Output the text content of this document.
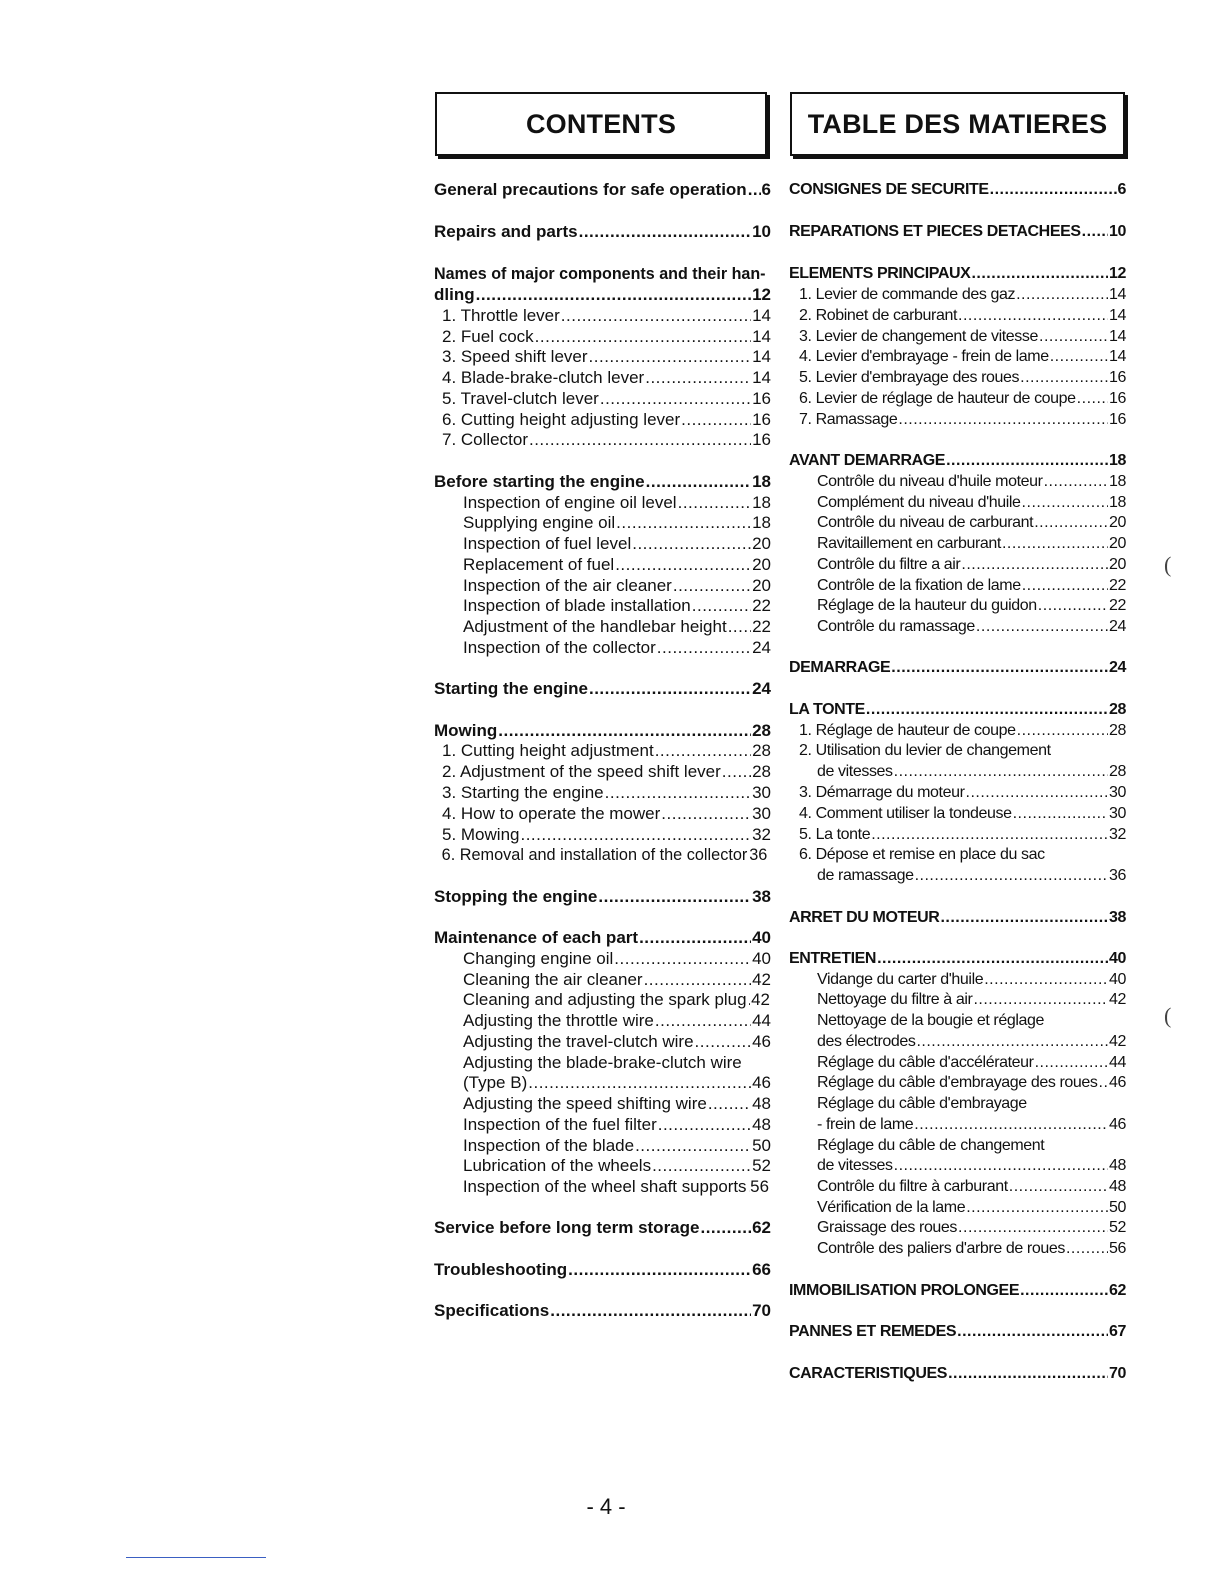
CONTENTS	TABLE DES MATIERES
General precautions for safe operation ..... 6
Repairs and parts .....	10
Names of major components and their han-
dling .....	12
1. Throttle lever .....	14
2. Fuel cock .....	14
3. Speed shift lever .....	14
4. Blade-brake-clutch lever .....	14
5. Travel-clutch lever .....	16
6. Cutting height adjusting lever .....	16
7. Collector .....	16
Before starting the engine .....	18
Inspection of engine oil level .....	18
Supplying engine oil .....	18
Inspection of fuel level .....	20
Replacement of fuel .....	20
Inspection of the air cleaner .....	20
Inspection of blade installation .....	22
Adjustment of the handlebar height ..... 22
Inspection of the collector .....	24
Starting the engine .....	24
Mowing .....	28
1. Cutting height adjustment .....	28
2. Adjustment of the speed shift lever ..... 28
3. Starting the engine .....	30
4. How to operate the mower .....	30
5. Mowing .....	32
6. Removal and installation of the collector 36
Stopping the engine .....	38
Maintenance of each part .....	40
Changing engine oil .....	40
Cleaning the air cleaner .....	42
Cleaning and adjusting the spark plug ..... 42
Adjusting the throttle wire .....	44
Adjusting the travel-clutch wire .....	46
Adjusting the blade-brake-clutch wire
(Type B) .....	46
Adjusting the speed shifting wire .....	48
Inspection of the fuel filter .....	48
Inspection of the blade .....	50
Lubrication of the wheels .....	52
Inspection of the wheel shaft supports ..... 56
Service before long term storage .....	62
Troubleshooting .....	66
Specifications .....	70
CONSIGNES DE SECURITE .....	6
REPARATIONS ET PIECES DETACHEES ..... 10
ELEMENTS PRINCIPAUX .....	12
1. Levier de commande des gaz .....	14
2. Robinet de carburant .....	14
3. Levier de changement de vitesse .....	14
4. Levier d'embrayage - frein de lame .....	14
5. Levier d'embrayage des roues .....	16
6. Levier de réglage de hauteur de coupe ..... 16
7. Ramassage .....	16
AVANT DEMARRAGE .....	18
Contrôle du niveau d'huile moteur .....	18
Complément du niveau d'huile .....	18
Contrôle du niveau de carburant .....	20
Ravitaillement en carburant .....	20
Contrôle du filtre a air .....	20
Contrôle de la fixation de lame .....	22
Réglage de la hauteur du guidon .....	22
Contrôle du ramassage .....	24
DEMARRAGE .....	24
LA TONTE .....	28
1. Réglage de hauteur de coupe .....	28
2. Utilisation du levier de changement
de vitesses .....	28
3. Démarrage du moteur .....	30
4. Comment utiliser la tondeuse .....	30
5. La tonte .....	32
6. Dépose et remise en place du sac
de ramassage .....	36
ARRET DU MOTEUR .....	38
ENTRETIEN .....	40
Vidange du carter d'huile .....	40
Nettoyage du filtre à air .....	42
Nettoyage de la bougie et réglage
des électrodes .....	42
Réglage du câble d'accélérateur .....	44
Réglage du câble d'embrayage des roues ..... 46
Réglage du câble d'embrayage
- frein de lame .....	46
Réglage du câble de changement
de vitesses .....	48
Contrôle du filtre à carburant .....	48
Vérification de la lame .....	50
Graissage des roues .....	52
Contrôle des paliers d'arbre de roues .....	56
IMMOBILISATION PROLONGEE .....	62
PANNES ET REMEDES .....	67
CARACTERISTIQUES .....	70
- 4 -
(
(
